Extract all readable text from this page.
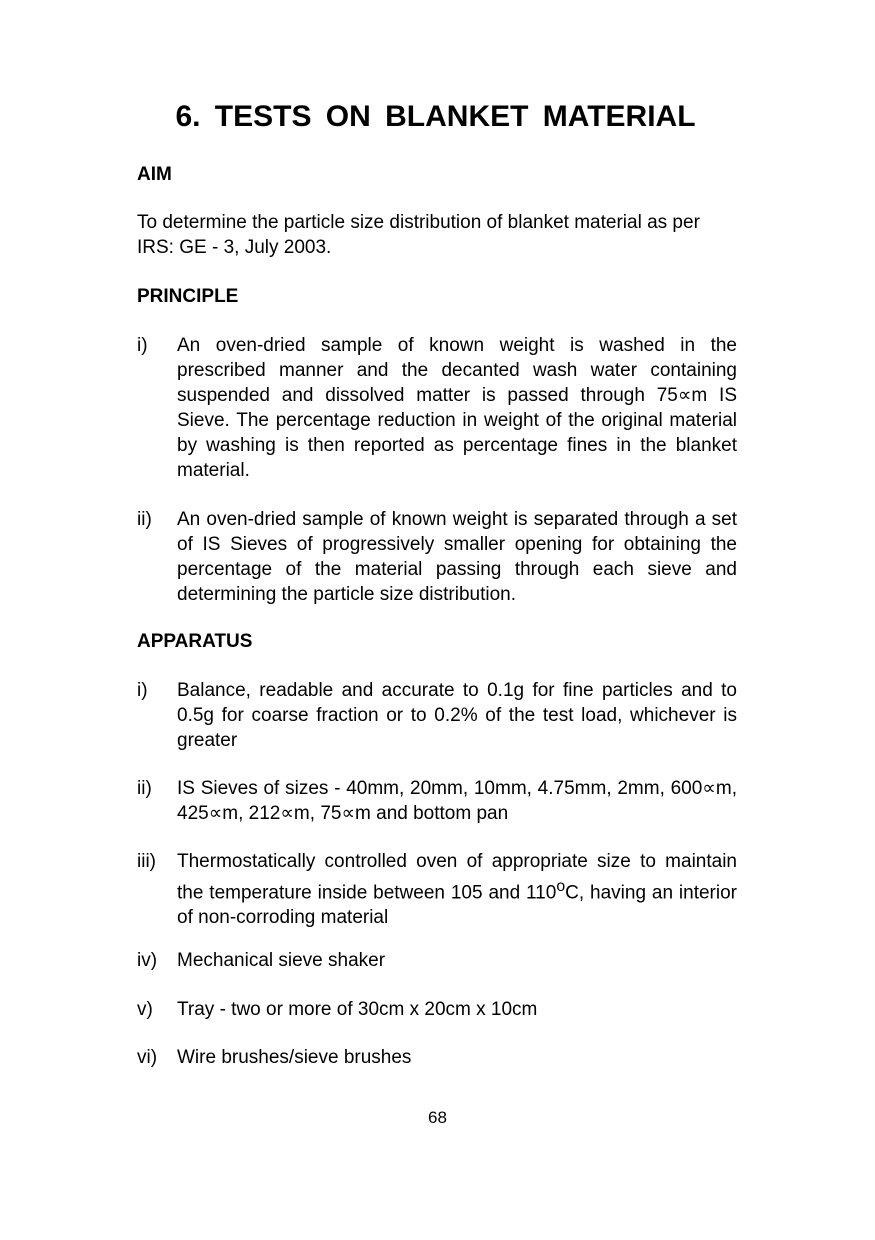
6. TESTS ON BLANKET MATERIAL
AIM

To determine the particle size distribution of blanket material as per IRS: GE - 3, July 2003.

PRINCIPLE
i) An oven-dried sample of known weight is washed in the prescribed manner and the decanted wash water containing suspended and dissolved matter is passed through 75∝m IS Sieve. The percentage reduction in weight of the original material by washing is then reported as percentage fines in the blanket material.
ii) An oven-dried sample of known weight is separated through a set of IS Sieves of progressively smaller opening for obtaining the percentage of the material passing through each sieve and determining the particle size distribution.
APPARATUS
i) Balance, readable and accurate to 0.1g for fine particles and to 0.5g for coarse fraction or to 0.2% of the test load, whichever is greater
ii) IS Sieves of sizes - 40mm, 20mm, 10mm, 4.75mm, 2mm, 600∝m, 425∝m, 212∝m, 75∝m and bottom pan
iii) Thermostatically controlled oven of appropriate size to maintain the temperature inside between 105 and 110$^o$C, having an interior of non-corroding material
iv) Mechanical sieve shaker
v) Tray - two or more of 30cm x 20cm x 10cm
vi) Wire brushes/sieve brushes
68
